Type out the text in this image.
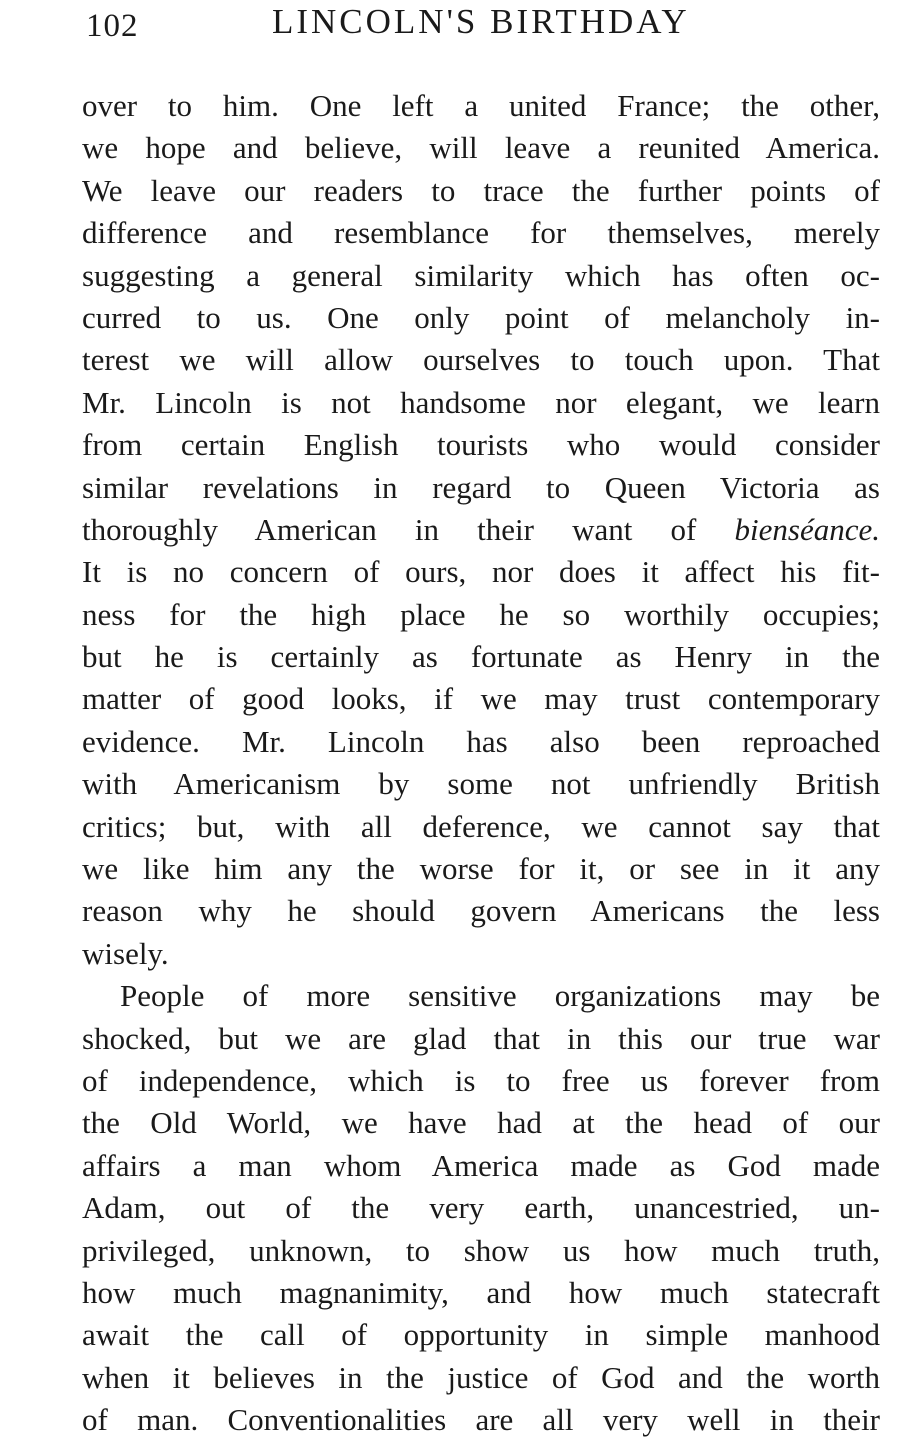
102	LINCOLN'S BIRTHDAY
over to him. One left a united France; the other,
we hope and believe, will leave a reunited America.
We leave our readers to trace the further points of
difference and resemblance for themselves, merely
suggesting a general similarity which has often oc-
curred to us. One only point of melancholy in-
terest we will allow ourselves to touch upon. That
Mr. Lincoln is not handsome nor elegant, we learn
from certain English tourists who would consider
similar revelations in regard to Queen Victoria as
thoroughly American in their want of bienséance.
It is no concern of ours, nor does it affect his fit-
ness for the high place he so worthily occupies;
but he is certainly as fortunate as Henry in the
matter of good looks, if we may trust contemporary
evidence. Mr. Lincoln has also been reproached
with Americanism by some not unfriendly British
critics; but, with all deference, we cannot say that
we like him any the worse for it, or see in it any
reason why he should govern Americans the less
wisely.
People of more sensitive organizations may be
shocked, but we are glad that in this our true war
of independence, which is to free us forever from
the Old World, we have had at the head of our
affairs a man whom America made as God made
Adam, out of the very earth, unancestried, un-
privileged, unknown, to show us how much truth,
how much magnanimity, and how much statecraft
await the call of opportunity in simple manhood
when it believes in the justice of God and the worth
of man. Conventionalities are all very well in their
